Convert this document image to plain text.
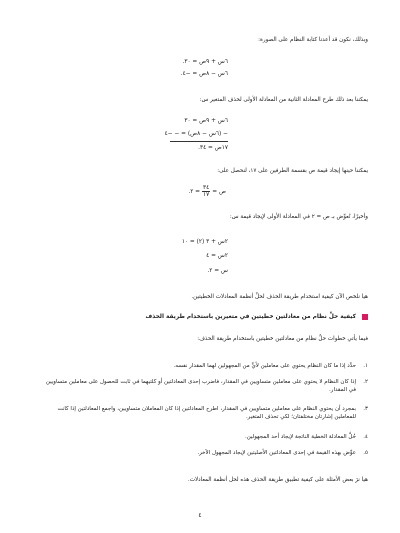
وبذلك، نكون قد أعدنا كتابة النظام على الصورة:
٦س + ٩ص = ٣٠.
٦س − ٨ص = −٤.
يمكننا بعد ذلك طرح المعادلة الثانية من المعادلة الأولى لحذف المتغير س:
٦س + ٩ص = ٣٠
− (٦س − ٨ص) = − −٤
١٧ص = ٣٤.
يمكننا حينها إيجاد قيمة ص بقسمة الطرفين على ١٧، لنحصل على:
ص =
٣٤
١٧
= ٢.
وأخيرًا، نُعوِّض بـ ص = ٢ في المعادلة الأولى لإيجاد قيمة س:
٢س + ٣ (٢) = ١٠
٢س = ٤
س = ٢.
هيا نلخص الآن كيفية استخدام طريقة الحذف لحلِّ أنظمة المعادلات الخطيتين.
كيفية حلِّ نظام من معادلتين خطيتين في متغيرين باستخدام طريقة الحذف
فيما يأتي خطوات حلِّ نظام من معادلتين خطيتين باستخدام طريقة الحذف:
١.
حدِّد إذا ما كان النظام يحتوي على معاملين لأيٍّ من المجهولين لهما المقدار نفسه.
٢.
إذا كان النظام لا يحتوي على معاملين متساويين في المقدار، فاضرب إحدى المعادلتين أو كلتيهما في ثابت للحصول على معاملين متساويين في المقدار.
٣.
بمجرد أن يحتوي النظام على معاملين متساويين في المقدار، اطرح المعادلتين إذا كان المعاملان متساويين، واجمع المعادلتين إذا كانت للمعاملين إشارتان مختلفتان؛ لكي تحذف المتغير.
٤.
حُلَّ المعادلة الخطية الناتجة لإيجاد أحد المجهولين.
٥.
عوِّض بهذه القيمة في إحدى المعادلتين الأصليتين لإيجاد المجهول الآخر.
هيا نرَ بعض الأمثلة على كيفية تطبيق طريقة الحذف هذه لحل أنظمة المعادلات.
٤
